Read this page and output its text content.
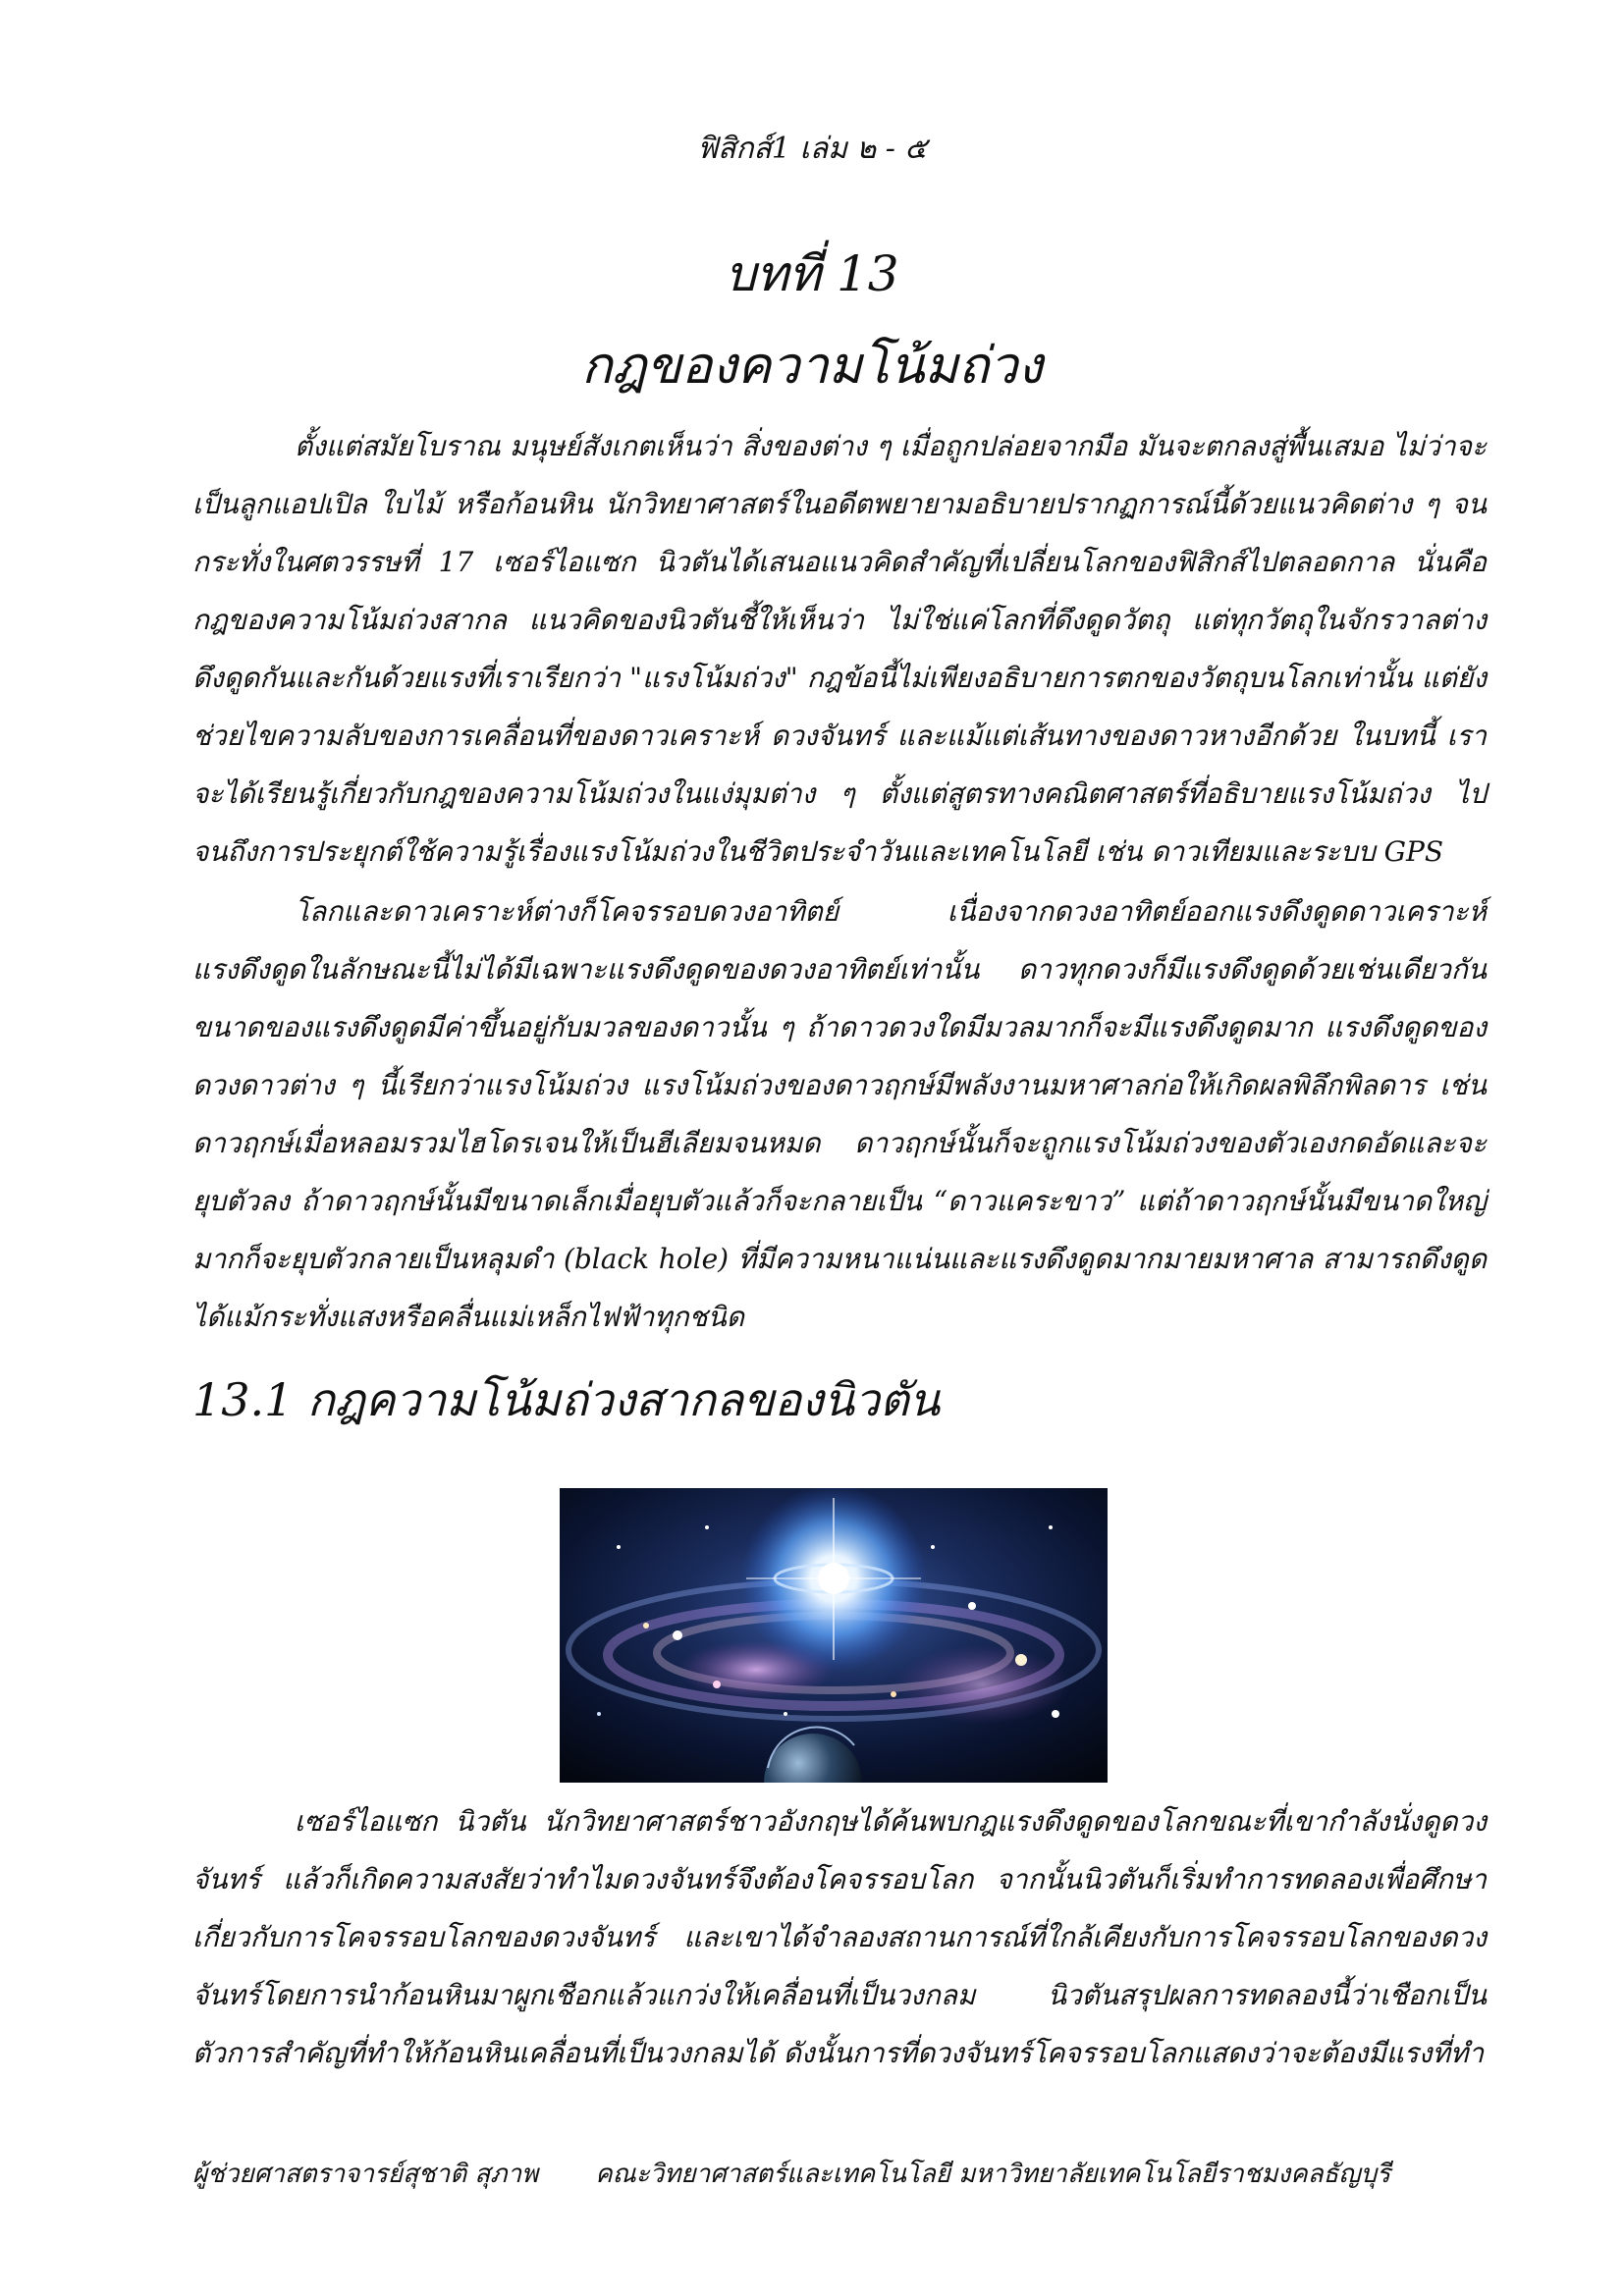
ฟิสิกส์1 เล่ม ๒ - ๕
บทที่ 13
กฎของความโน้มถ่วง

ตั้งแต่สมัยโบราณ มนุษย์สังเกตเห็นว่า สิ่งของต่าง ๆ เมื่อถูกปล่อยจากมือ มันจะตกลงสู่พื้นเสมอ ไม่ว่าจะเป็นลูกแอปเปิล ใบไม้ หรือก้อนหิน นักวิทยาศาสตร์ในอดีตพยายามอธิบายปรากฏการณ์นี้ด้วยแนวคิดต่าง ๆ จนกระทั่งในศตวรรษที่ 17 เซอร์ไอแซก นิวตันได้เสนอแนวคิดสำคัญที่เปลี่ยนโลกของฟิสิกส์ไปตลอดกาล นั่นคือ กฎของความโน้มถ่วงสากล แนวคิดของนิวตันชี้ให้เห็นว่า ไม่ใช่แค่โลกที่ดึงดูดวัตถุ แต่ทุกวัตถุในจักรวาลต่างดึงดูดกันและกันด้วยแรงที่เราเรียกว่า "แรงโน้มถ่วง" กฎข้อนี้ไม่เพียงอธิบายการตกของวัตถุบนโลกเท่านั้น แต่ยังช่วยไขความลับของการเคลื่อนที่ของดาวเคราะห์ ดวงจันทร์ และแม้แต่เส้นทางของดาวหางอีกด้วย ในบทนี้ เราจะได้เรียนรู้เกี่ยวกับกฎของความโน้มถ่วงในแง่มุมต่าง ๆ ตั้งแต่สูตรทางคณิตศาสตร์ที่อธิบายแรงโน้มถ่วง ไปจนถึงการประยุกต์ใช้ความรู้เรื่องแรงโน้มถ่วงในชีวิตประจำวันและเทคโนโลยี เช่น ดาวเทียมและระบบ GPS

โลกและดาวเคราะห์ต่างก็โคจรรอบดวงอาทิตย์ เนื่องจากดวงอาทิตย์ออกแรงดึงดูดดาวเคราะห์ แรงดึงดูดในลักษณะนี้ไม่ได้มีเฉพาะแรงดึงดูดของดวงอาทิตย์เท่านั้น ดาวทุกดวงก็มีแรงดึงดูดด้วยเช่นเดียวกัน ขนาดของแรงดึงดูดมีค่าขึ้นอยู่กับมวลของดาวนั้น ๆ ถ้าดาวดวงใดมีมวลมากก็จะมีแรงดึงดูดมาก แรงดึงดูดของดวงดาวต่าง ๆ นี้เรียกว่าแรงโน้มถ่วง แรงโน้มถ่วงของดาวฤกษ์มีพลังงานมหาศาลก่อให้เกิดผลพิลึกพิลดาร เช่น ดาวฤกษ์เมื่อหลอมรวมไฮโดรเจนให้เป็นฮีเลียมจนหมด ดาวฤกษ์นั้นก็จะถูกแรงโน้มถ่วงของตัวเองกดอัดและจะยุบตัวลง ถ้าดาวฤกษ์นั้นมีขนาดเล็กเมื่อยุบตัวแล้วก็จะกลายเป็น “ดาวแคระขาว” แต่ถ้าดาวฤกษ์นั้นมีขนาดใหญ่มากก็จะยุบตัวกลายเป็นหลุมดำ (black hole) ที่มีความหนาแน่นและแรงดึงดูดมากมายมหาศาล สามารถดึงดูดได้แม้กระทั่งแสงหรือคลื่นแม่เหล็กไฟฟ้าทุกชนิด

13.1 กฎความโน้มถ่วงสากลของนิวตัน

เซอร์ไอแซก นิวตัน นักวิทยาศาสตร์ชาวอังกฤษได้ค้นพบกฎแรงดึงดูดของโลกขณะที่เขากำลังนั่งดูดวงจันทร์ แล้วก็เกิดความสงสัยว่าทำไมดวงจันทร์จึงต้องโคจรรอบโลก จากนั้นนิวตันก็เริ่มทำการทดลองเพื่อศึกษาเกี่ยวกับการโคจรรอบโลกของดวงจันทร์ และเขาได้จำลองสถานการณ์ที่ใกล้เคียงกับการโคจรรอบโลกของดวงจันทร์โดยการนำก้อนหินมาผูกเชือกแล้วแกว่งให้เคลื่อนที่เป็นวงกลม นิวตันสรุปผลการทดลองนี้ว่าเชือกเป็นตัวการสำคัญที่ทำให้ก้อนหินเคลื่อนที่เป็นวงกลมได้ ดังนั้นการที่ดวงจันทร์โคจรรอบโลกแสดงว่าจะต้องมีแรงที่ทำ

ผู้ช่วยศาสตราจารย์สุชาติ สุภาพ คณะวิทยาศาสตร์และเทคโนโลยี มหาวิทยาลัยเทคโนโลยีราชมงคลธัญบุรี
